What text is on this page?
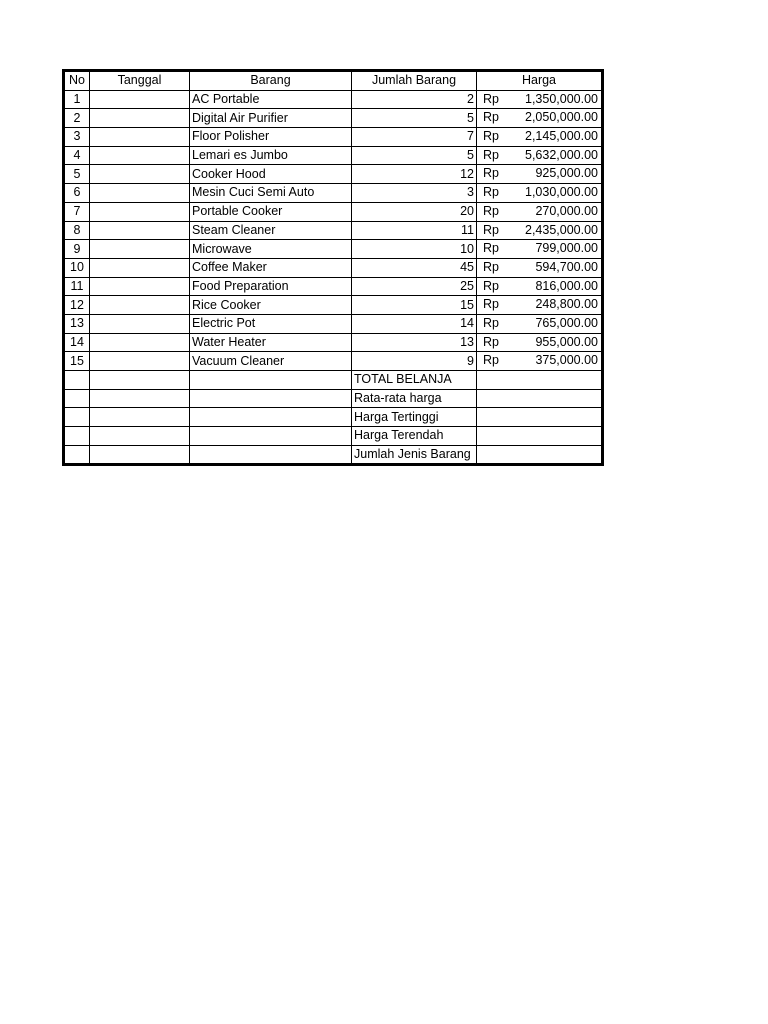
No	Tanggal	Barang	Jumlah Barang	Harga
1		AC Portable	2	Rp 1,350,000.00

2		Digital Air Purifier	5	Rp 2,050,000.00

3		Floor Polisher	7	Rp 2,145,000.00

4		Lemari es Jumbo	5	Rp 5,632,000.00

5		Cooker Hood	12	Rp 925,000.00

6		Mesin Cuci Semi Auto	3	Rp 1,030,000.00

7		Portable Cooker	20	Rp 270,000.00

8		Steam Cleaner	11	Rp 2,435,000.00

9		Microwave	10	Rp 799,000.00

10		Coffee Maker	45	Rp 594,700.00

11		Food Preparation	25	Rp 816,000.00

12		Rice Cooker	15	Rp 248,800.00

13		Electric Pot	14	Rp 765,000.00

14		Water Heater	13	Rp 955,000.00

15		Vacuum Cleaner	9	Rp 375,000.00

			TOTAL BELANJA	
			Rata-rata harga	
			Harga Tertinggi	
			Harga Terendah	
			Jumlah Jenis Barang	
